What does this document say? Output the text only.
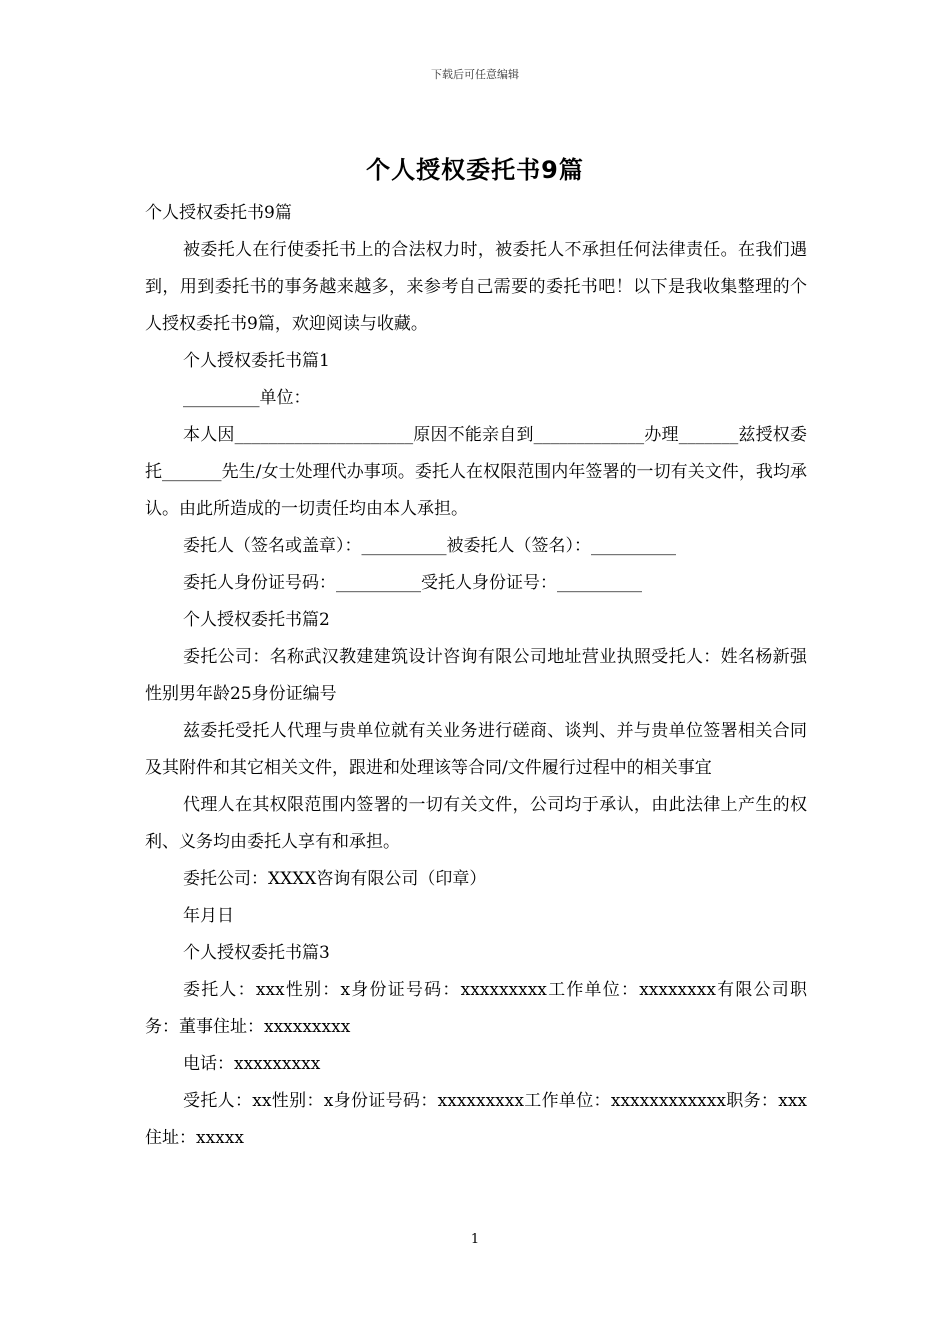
下载后可任意编辑
个人授权委托书9篇

个人授权委托书9篇

被委托人在行使委托书上的合法权力时，被委托人不承担任何法律责任。在我们遇到，用到委托书的事务越来越多，来参考自己需要的委托书吧！以下是我收集整理的个人授权委托书9篇，欢迎阅读与收藏。

个人授权委托书篇1

_________单位：

本人因_____________________原因不能亲自到_____________办理_______兹授权委托_______先生/女士处理代办事项。委托人在权限范围内年签署的一切有关文件，我均承认。由此所造成的一切责任均由本人承担。

委托人（签名或盖章）：__________被委托人（签名）：__________

委托人身份证号码：__________受托人身份证号：__________

个人授权委托书篇2

委托公司：名称武汉教建建筑设计咨询有限公司地址营业执照受托人：姓名杨新强性别男年龄25身份证编号

兹委托受托人代理与贵单位就有关业务进行磋商、谈判、并与贵单位签署相关合同及其附件和其它相关文件，跟进和处理该等合同/文件履行过程中的相关事宜

代理人在其权限范围内签署的一切有关文件，公司均于承认，由此法律上产生的权利、义务均由委托人享有和承担。

委托公司：XXXX咨询有限公司（印章）

年月日

个人授权委托书篇3

委托人：xxx性别：x身份证号码：xxxxxxxxx工作单位：xxxxxxxx有限公司职务：董事住址：xxxxxxxxx

电话：xxxxxxxxx

受托人：xx性别：x身份证号码：xxxxxxxxx工作单位：xxxxxxxxxxxx职务：xxx住址：xxxxx

1
